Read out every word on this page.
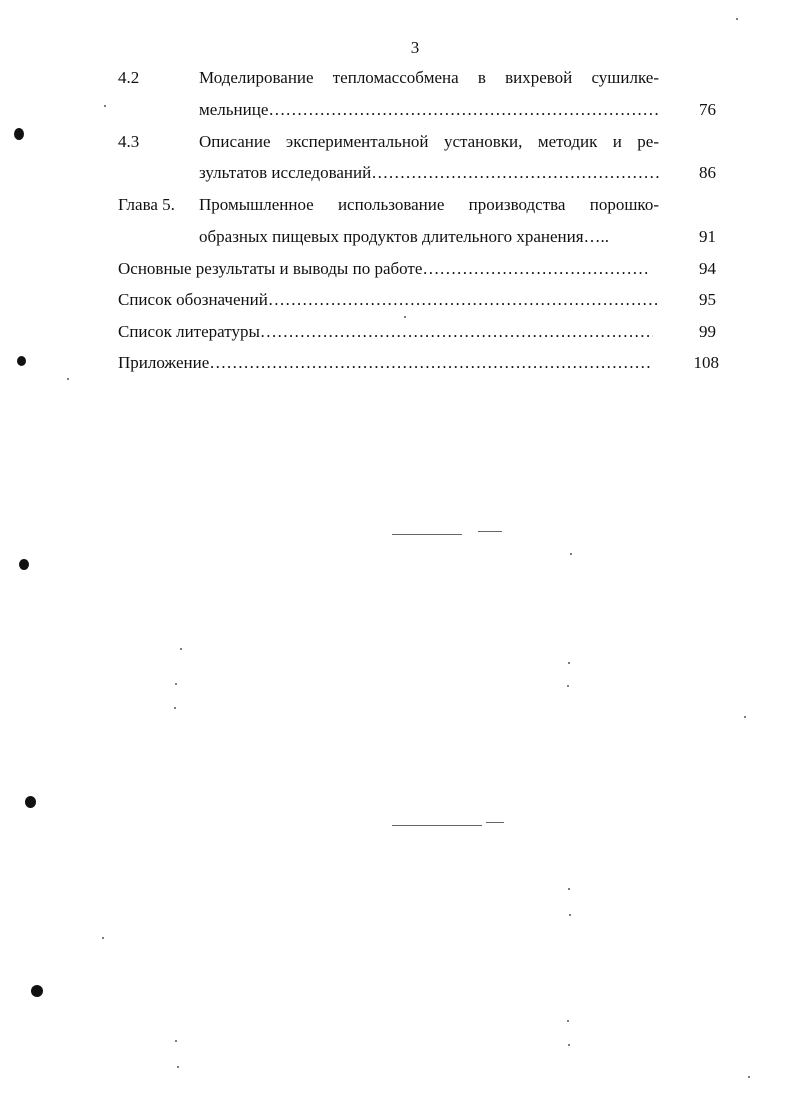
3
4.2	Моделирование тепломассобмена в вихревой сушилке-
мельнице …………………………………………………………………………………………………………………………	76
4.3	Описание экспериментальной установки, методик и ре-
зультатов исследований …………………………………………………………………………………………………………………………	86
Глава 5. Промышленное использование производства порошко-
образных пищевых продуктов длительного хранения…..	91
Основные результаты и выводы по работе …………………………………………………………………………………………………………………………	94
Список обозначений …………………………………………………………………………………………………………………………	95
Список литературы …………………………………………………………………………………………………………………………	99
Приложение …………………………………………………………………………………………………………………………	108
